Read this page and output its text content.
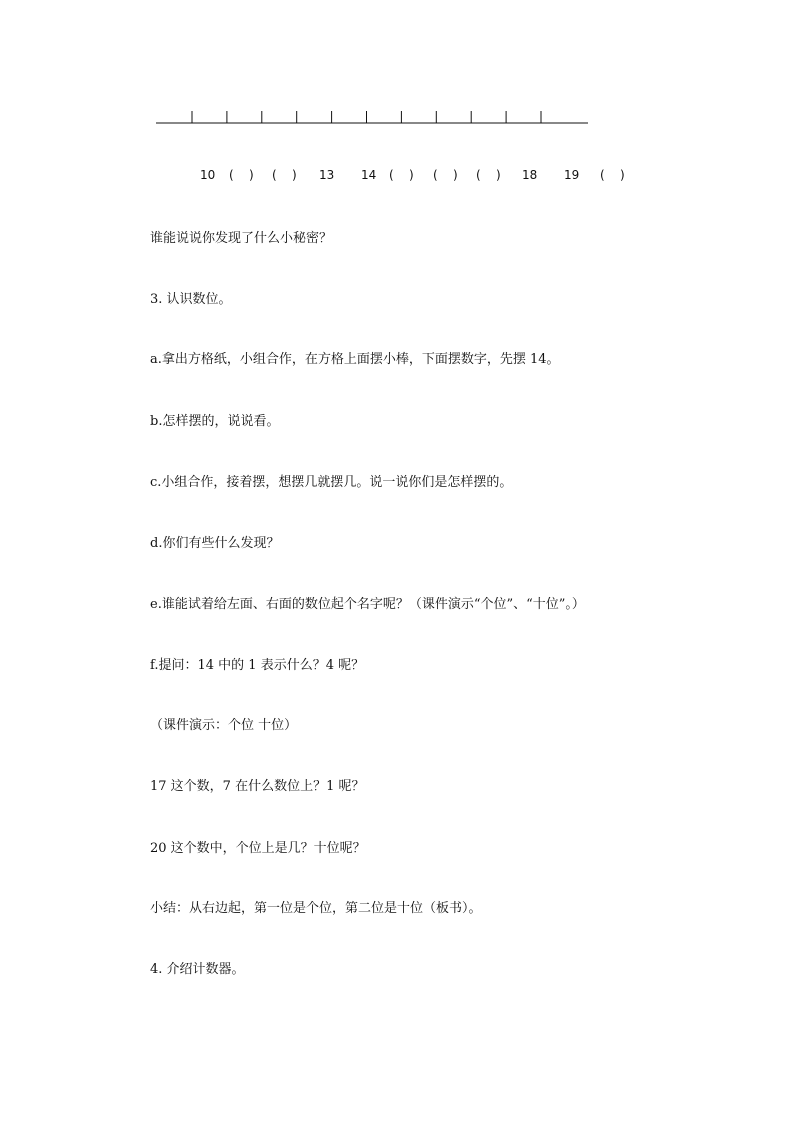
10 (    ) (    ) 13 14 (    ) (    ) (    ) 18 19 (    )
谁能说说你发现了什么小秘密？
3. 认识数位。
a.拿出方格纸，小组合作，在方格上面摆小棒，下面摆数字，先摆 14。
b.怎样摆的，说说看。
c.小组合作，接着摆，想摆几就摆几。说一说你们是怎样摆的。
d.你们有些什么发现？
e.谁能试着给左面、右面的数位起个名字呢？（课件演示“个位”、“十位”。）
f.提问：14 中的 1 表示什么？4 呢？
（课件演示：个位 十位）
17 这个数，7 在什么数位上？1 呢？
20 这个数中，个位上是几？十位呢？
小结：从右边起，第一位是个位，第二位是十位（板书）。
4. 介绍计数器。
